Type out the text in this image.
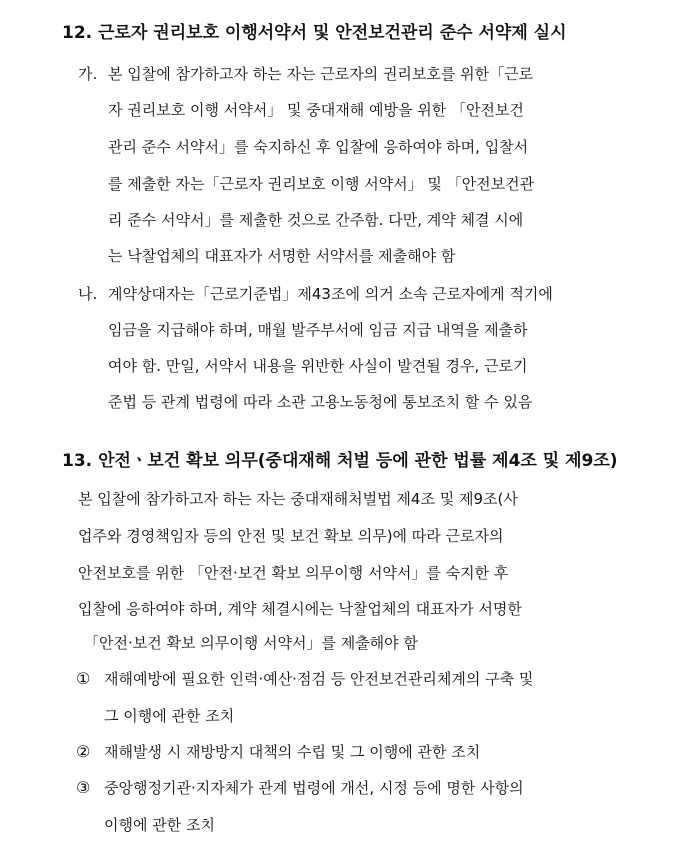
12. 근로자 권리보호 이행서약서 및 안전보건관리 준수 서약제 실시
가. 본 입찰에 참가하고자 하는 자는 근로자의 권리보호를 위한「근로
자 권리보호 이행 서약서」 및 중대재해 예방을 위한 「안전보건
관리 준수 서약서」를 숙지하신 후 입찰에 응하여야 하며, 입찰서
를 제출한 자는「근로자 권리보호 이행 서약서」 및 「안전보건관
리 준수 서약서」를 제출한 것으로 간주함. 다만, 계약 체결 시에
는 낙찰업체의 대표자가 서명한 서약서를 제출해야 함
나. 계약상대자는「근로기준법」제43조에 의거 소속 근로자에게 적기에
임금을 지급해야 하며, 매월 발주부서에 임금 지급 내역을 제출하
여야 함. 만일, 서약서 내용을 위반한 사실이 발견될 경우, 근로기
준법 등 관계 법령에 따라 소관 고용노동청에 통보조치 할 수 있음
13. 안전ㆍ보건 확보 의무(중대재해 처벌 등에 관한 법률 제4조 및 제9조)
본 입찰에 참가하고자 하는 자는 중대재해처벌법 제4조 및 제9조(사
업주와 경영책임자 등의 안전 및 보건 확보 의무)에 따라 근로자의
안전보호를 위한 「안전·보건 확보 의무이행 서약서」를 숙지한 후
입찰에 응하여야 하며, 계약 체결시에는 낙찰업체의 대표자가 서명한
「안전·보건 확보 의무이행 서약서」를 제출해야 함
① 재해예방에 필요한 인력·예산·점검 등 안전보건관리체계의 구축 및
그 이행에 관한 조치
② 재해발생 시 재방방지 대책의 수립 및 그 이행에 관한 조치
③ 중앙행정기관·지자체가 관계 법령에 개선, 시정 등에 명한 사항의
이행에 관한 조치
